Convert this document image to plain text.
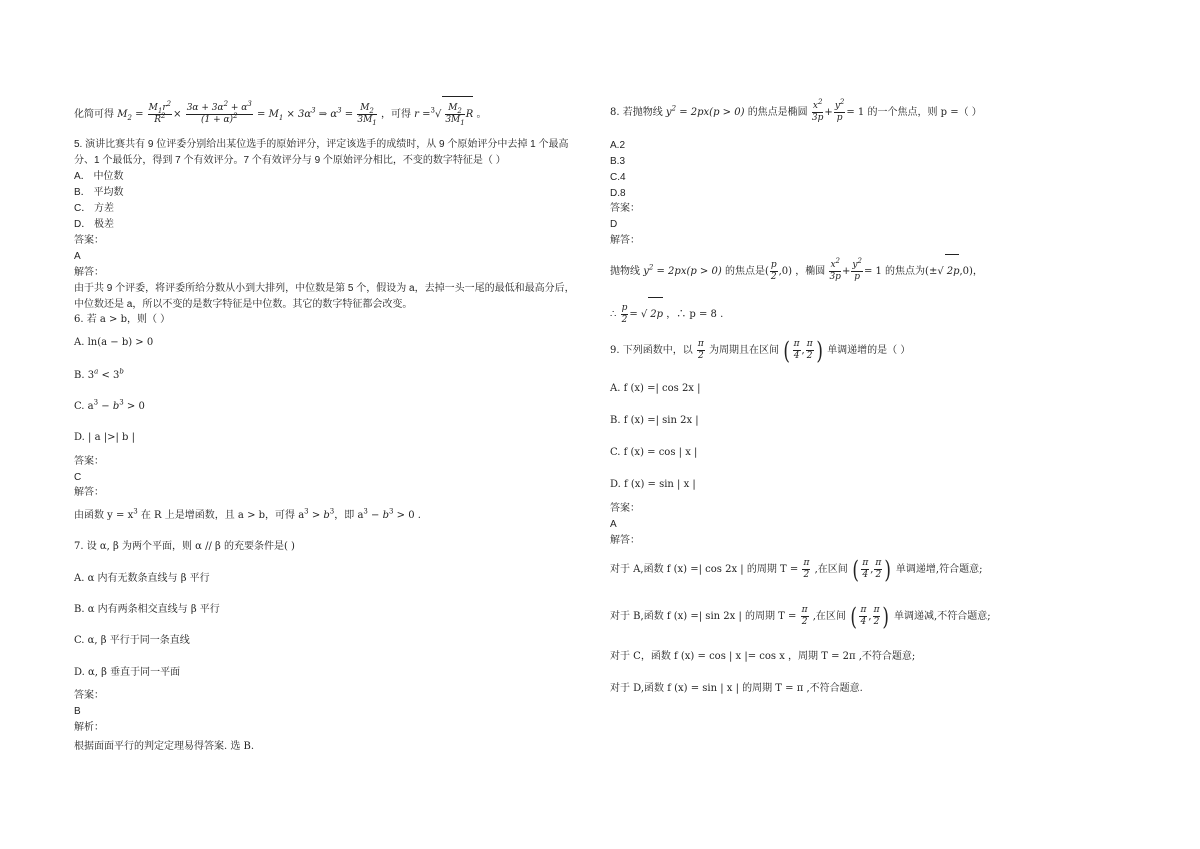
化简可得 $M_2 = \frac{M_1r^2}{R^2} \times \frac{3\alpha + 3\alpha^2 + \alpha^3}{(1 + \alpha)^2} = M_1 \times 3\alpha^3$ ⇒ $\alpha^3 = \frac{M_2}{3M_1}$ ，可得 $r =^3√ \frac{M_2}{3M_1}$ R 。
5. 演讲比赛共有 9 位评委分别给出某位选手的原始评分，评定该选手的成绩时，从 9 个原始评分中去掉 1 个最高
分、1 个最低分，得到 7 个有效评分。7 个有效评分与 9 个原始评分相比，不变的数字特征是（ ）
A． 中位数
B． 平均数
C． 方差
D． 极差
答案：
A
解答：
由于共 9 个评委，将评委所给分数从小到大排列，中位数是第 5 个，假设为 a，去掉一头一尾的最低和最高分后，
中位数还是 a，所以不变的是数字特征是中位数。其它的数字特征都会改变。
6. 若 a > b，则（ ）
A. ln(a − b) > 0
B. $3^a < 3^b$
C. $a^3 - b^3 > 0$
D. | a |>| b |
答案：
C
解答：
由函数 $y = x^3$ 在 R 上是增函数，且 a > b，可得 $a^3 > b^3$，即 $a^3 - b^3 > 0$ .
7. 设 α, β 为两个平面，则 α // β 的充要条件是( )
A. α 内有无数条直线与 β 平行
B. α 内有两条相交直线与 β 平行
C. α, β 平行于同一条直线
D. α, β 垂直于同一平面
答案：
B
解析：
根据面面平行的判定定理易得答案. 选 B.
8. 若抛物线 $y^2 = 2px(p > 0)$ 的焦点是椭圆 $\frac{x^2}{3p} + \frac{y^2}{p} = 1$ 的一个焦点，则 p =（ ）
A.2
B.3
C.4
D.8
答案：
D
解答：
抛物线 $y^2 = 2px(p > 0)$ 的焦点是( $\frac{p}{2} ,0$) ，椭圆 $\frac{x^2}{3p} + \frac{y^2}{p} = 1$ 的焦点为(±√ 2p,0)，
∴ $\frac{p}{2}$ = √ 2p ，∴ p = 8 .
9. 下列函数中，以 $\frac{\pi}{2}$ 为周期且在区间 ( $\frac{\pi}{4}$ , $\frac{\pi}{2}$ ) 单调递增的是（ ）
A. f (x) =| cos 2x |
B. f (x) =| sin 2x |
C. f (x) = cos | x |
D. f (x) = sin | x |
答案：
A
解答：
对于 A,函数 f (x) =| cos 2x | 的周期 $T = \frac{\pi}{2}$ ,在区间 ( $\frac{\pi}{4}$ , $\frac{\pi}{2}$ ) 单调递增,符合题意;
对于 B,函数 f (x) =| sin 2x | 的周期 $T = \frac{\pi}{2}$ ,在区间 ( $\frac{\pi}{4}$ , $\frac{\pi}{2}$ ) 单调递减,不符合题意;
对于 C，函数 f (x) = cos | x |= cos x ，周期 T = 2π ,不符合题意;
对于 D,函数 f (x) = sin | x | 的周期 T = π ,不符合题意.
